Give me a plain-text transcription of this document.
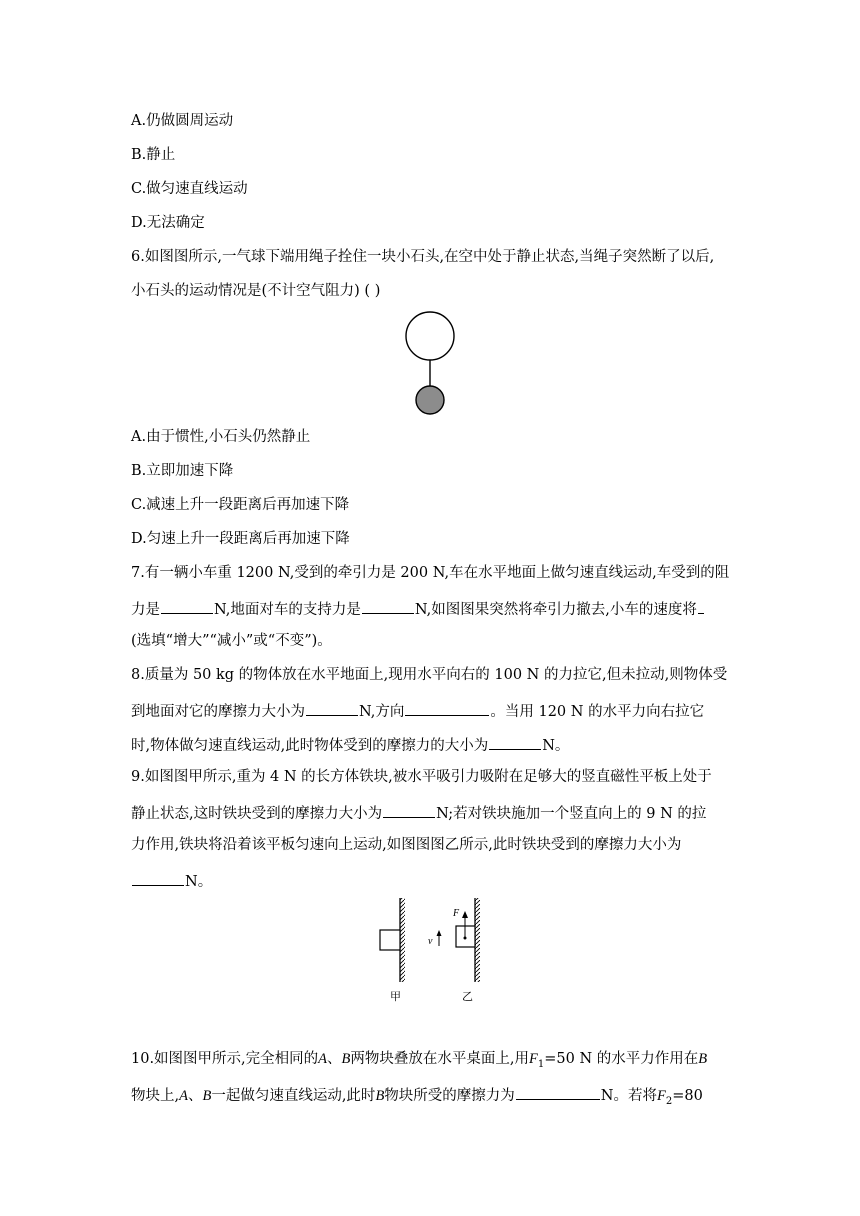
A.仍做圆周运动
B.静止
C.做匀速直线运动
D.无法确定
6.如图图所示,一气球下端用绳子拴住一块小石头,在空中处于静止状态,当绳子突然断了以后,
小石头的运动情况是(不计空气阻力) ( )
A.由于惯性,小石头仍然静止
B.立即加速下降
C.减速上升一段距离后再加速下降
D.匀速上升一段距离后再加速下降
7.有一辆小车重 1200 N,受到的牵引力是 200 N,车在水平地面上做匀速直线运动,车受到的阻
力是	N,地面对车的支持力是	N,如图图果突然将牵引力撤去,小车的速度将
(选填“增大”“减小”或“不变”)。
8.质量为 50 kg 的物体放在水平地面上,现用水平向右的 100 N 的力拉它,但未拉动,则物体受
到地面对它的摩擦力大小为	N,方向	。当用 120 N 的水平力向右拉它
时,物体做匀速直线运动,此时物体受到的摩擦力的大小为	N。
9.如图图甲所示,重为 4 N 的长方体铁块,被水平吸引力吸附在足够大的竖直磁性平板上处于
静止状态,这时铁块受到的摩擦力大小为	N;若对铁块施加一个竖直向上的 9 N 的拉
力作用,铁块将沿着该平板匀速向上运动,如图图图乙所示,此时铁块受到的摩擦力大小为
N。
F
v
甲	乙
10.如图图甲所示,完全相同的A、B两物块叠放在水平桌面上,用$F_1=50$ N 的水平力作用在B
物块上,A、B一起做匀速直线运动,此时B物块所受的摩擦力为	N。若将$F_2=80$
